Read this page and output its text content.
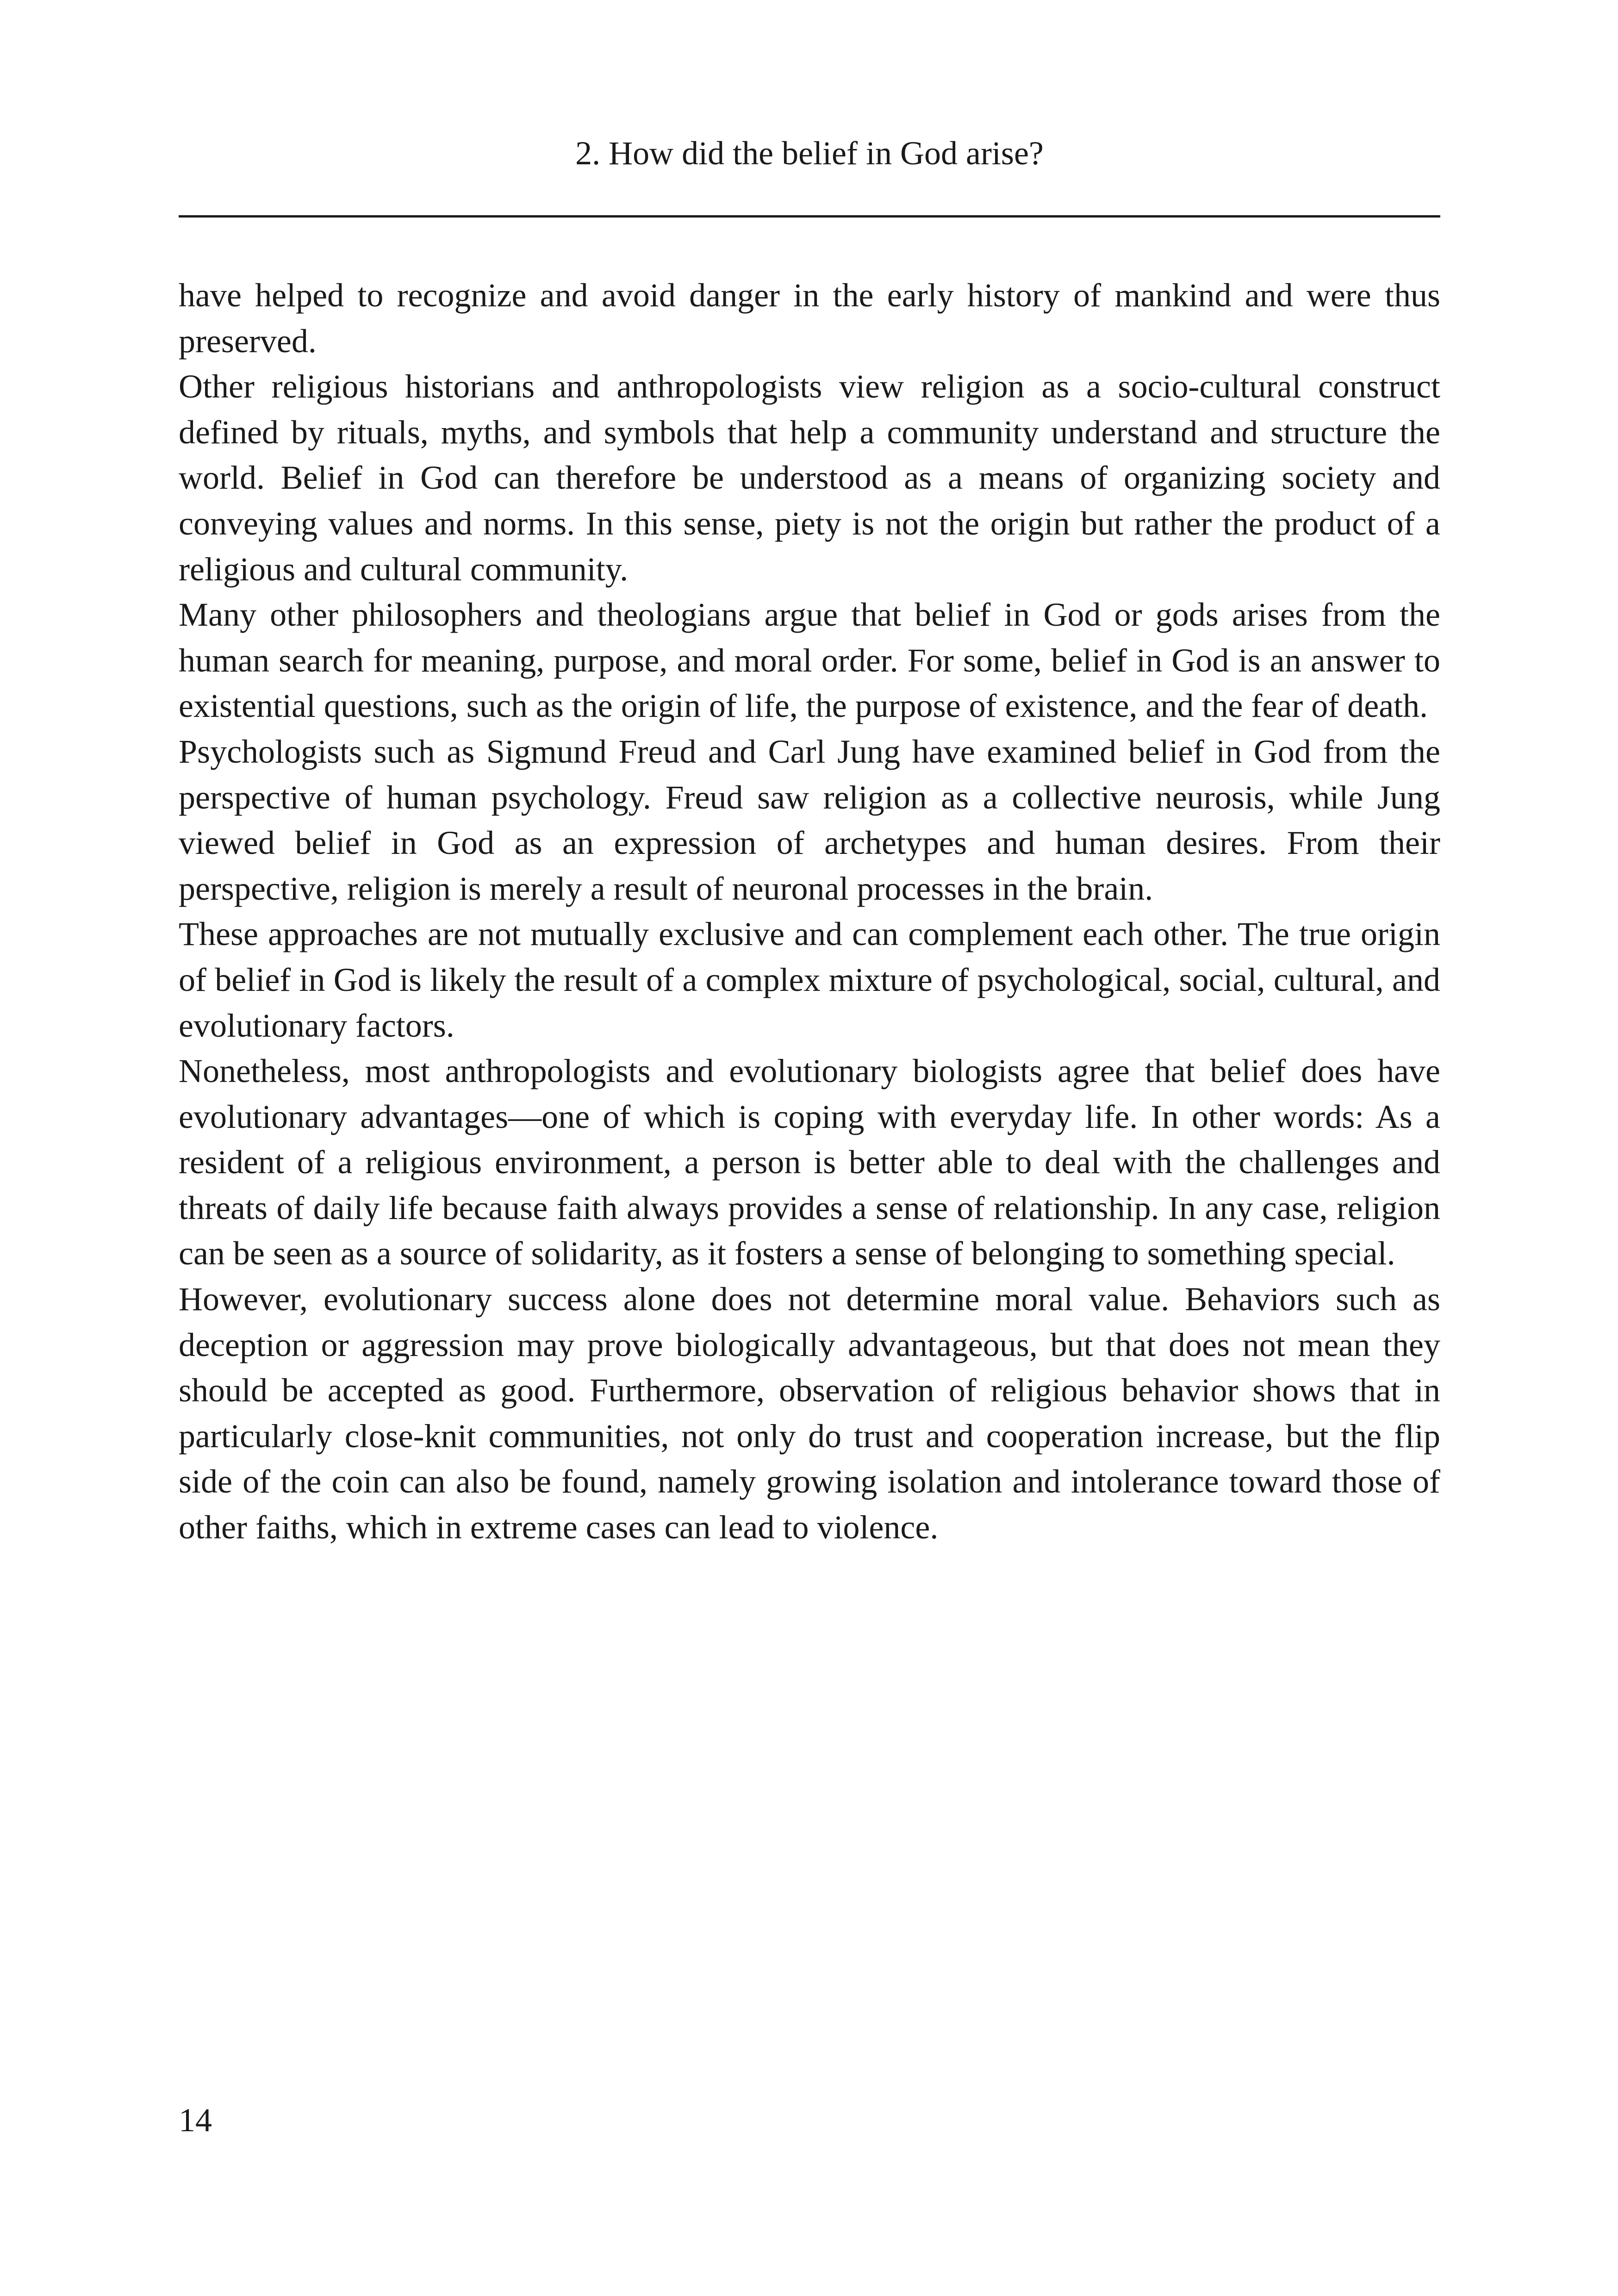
2. How did the belief in God arise?

have helped to recognize and avoid danger in the early history of mankind and were thus preserved.

Other religious historians and anthropologists view religion as a socio-cultural construct defined by rituals, myths, and symbols that help a community understand and structure the world. Belief in God can therefore be understood as a means of organizing society and conveying values and norms. In this sense, piety is not the origin but rather the product of a religious and cultural community.

Many other philosophers and theologians argue that belief in God or gods arises from the human search for meaning, purpose, and moral order. For some, belief in God is an answer to existential questions, such as the origin of life, the purpose of existence, and the fear of death.

Psychologists such as Sigmund Freud and Carl Jung have examined belief in God from the perspective of human psychology. Freud saw religion as a collective neurosis, while Jung viewed belief in God as an expression of archetypes and human desires. From their perspective, religion is merely a result of neuronal processes in the brain.

These approaches are not mutually exclusive and can complement each other. The true origin of belief in God is likely the result of a complex mixture of psychological, social, cultural, and evolutionary factors.

Nonetheless, most anthropologists and evolutionary biologists agree that belief does have evolutionary advantages—one of which is coping with everyday life. In other words: As a resident of a religious environment, a person is better able to deal with the challenges and threats of daily life because faith always provides a sense of relationship. In any case, religion can be seen as a source of solidarity, as it fosters a sense of belonging to something special.

However, evolutionary success alone does not determine moral value. Behaviors such as deception or aggression may prove biologically advantageous, but that does not mean they should be accepted as good. Furthermore, observation of religious behavior shows that in particularly close-knit communities, not only do trust and cooperation increase, but the flip side of the coin can also be found, namely growing isolation and intolerance toward those of other faiths, which in extreme cases can lead to violence.

14
